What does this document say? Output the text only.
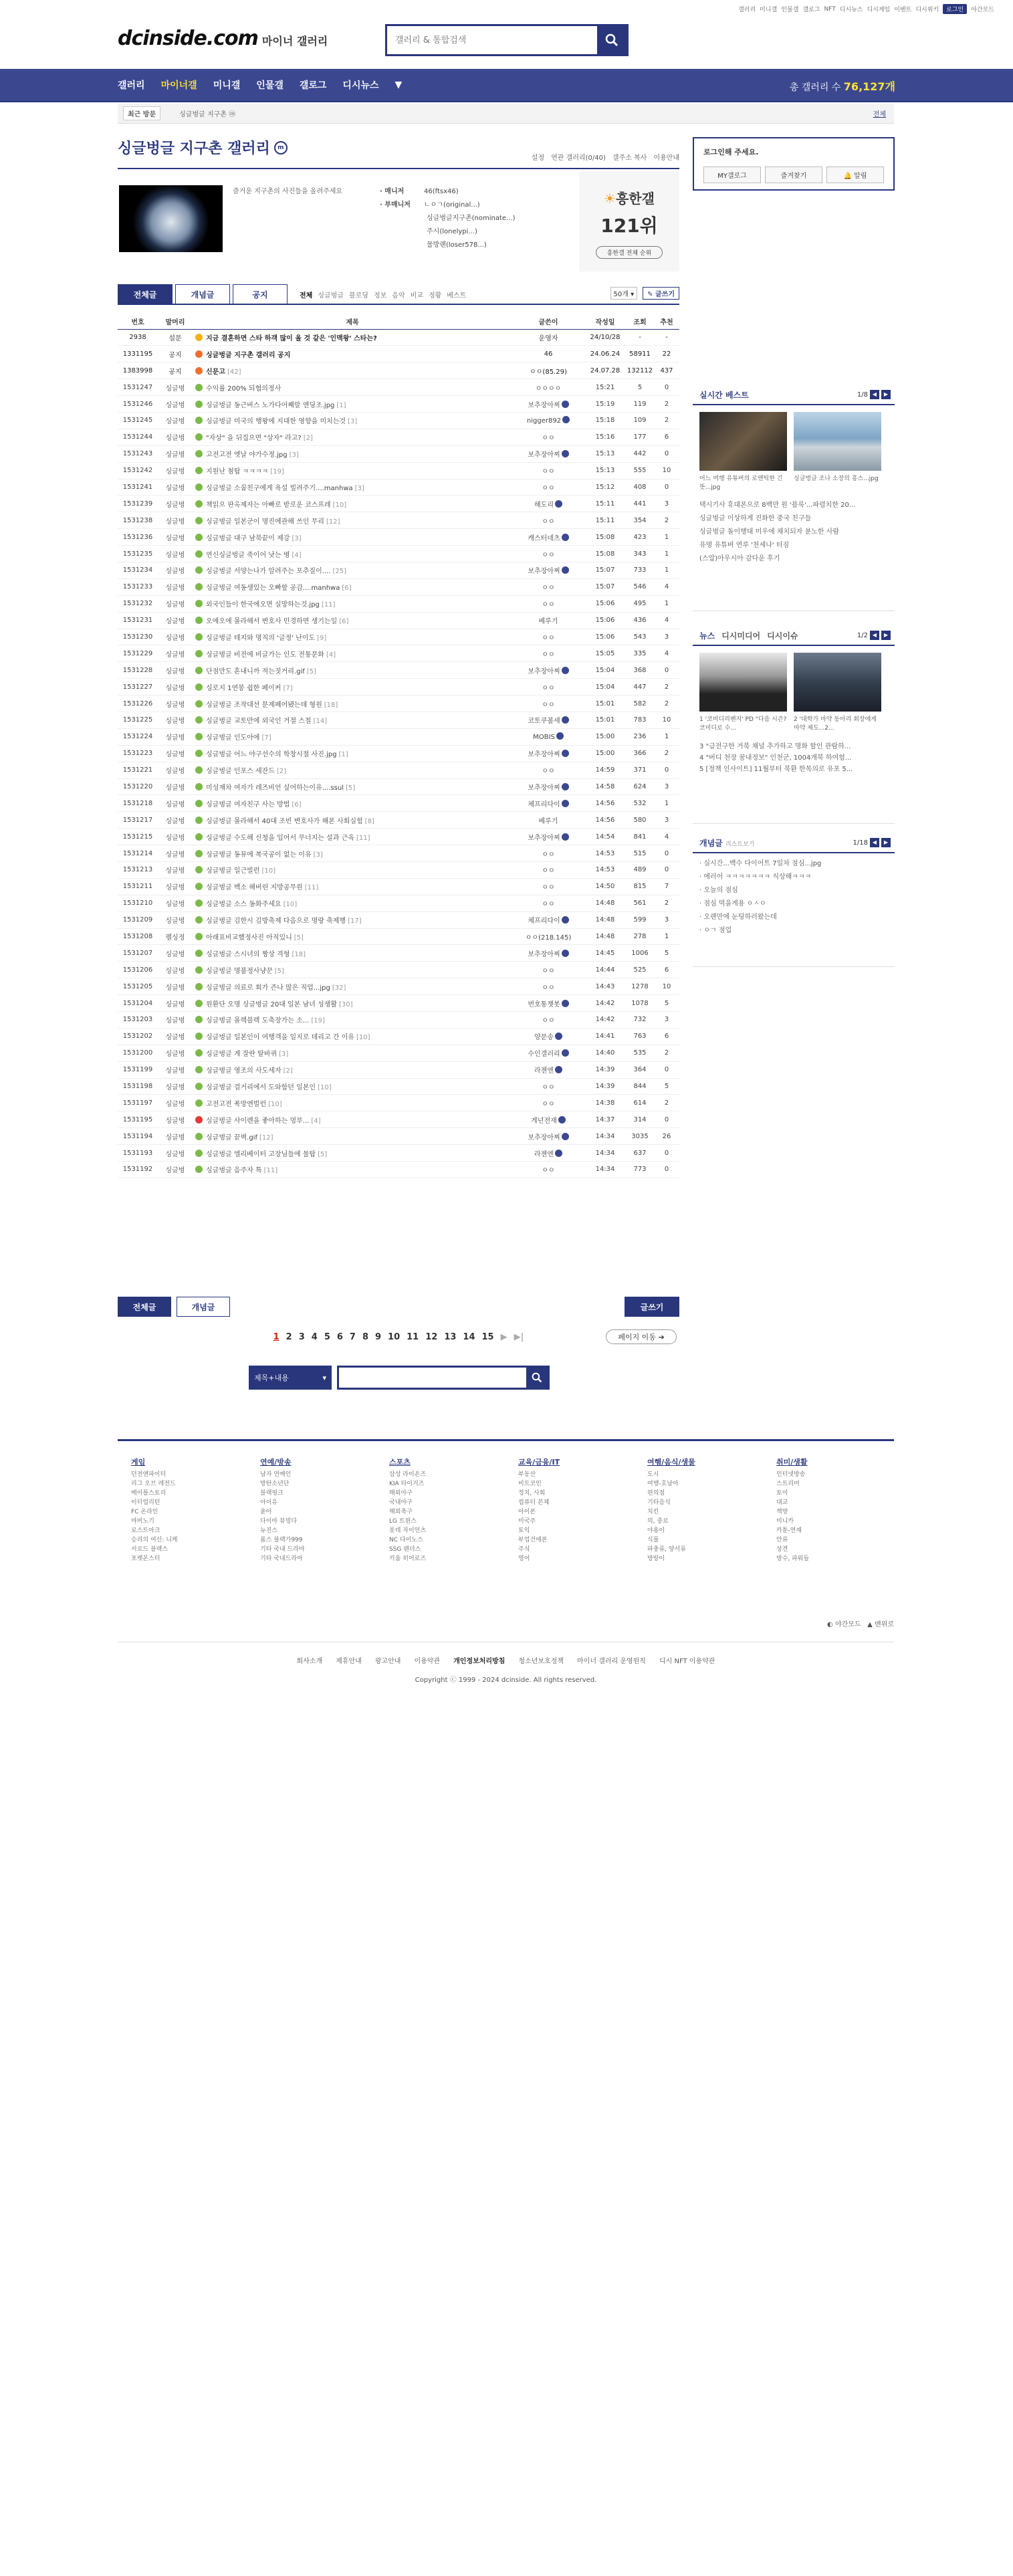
갤러리 미니갤 인물갤 갤로그 NFT 디시뉴스 디시게임 이벤트 디시위키	로그인	야간모드
dcinside.com 마이너 갤러리
갤러리 & 통합검색
갤러리 마이너갤 미니갤 인물갤 갤로그 디시뉴스 ▼	총 갤러리 수 76,127개
최근 방문	싱글벙글 지구촌 ⓜ	전체
싱글벙글 지구촌 갤러리	m
설정 연관 갤러리(0/40) 갤주소 복사 이용안내
즐거운 지구촌의 사진들을 올려주세요	· 매니저	46(ftsx46)
· 부매니저 ㄴㅇㄱ(original...)
싱글벙글지구촌(nominate...)
주시(lonelypi...)
물방랜(loser578...)
☀흥한갤
121위
흥한갤 전체 순위
로그인해 주세요.
MY갤로그	즐겨찾기	🔔 알림
전체글	개념글	공지	전체 싱글벙글 블로딩 정보 음악 비교 정황 베스트	50개 ▾	✎ 글쓰기
번호	말머리	제목	글쓴이	작성일	조회	추천
2938	설문	지금 결혼하면 스타 하객 많이 올 것 같은 '인맥왕' 스타는?	운영자	24/10/28	-	-
1331195	공지	싱글벙글 지구촌 갤러리 공지	46	24.06.24	58911	22
1383998	공지	신문고 [42]	ㅇㅇ(85.29)	24.07.28	132112	437
1531247	싱글벙	수익률 200% 되협의정사	ㅇㅇㅇㅇ	15:21	5	0
1531246	싱글벙	싱글벙글 동근버스 노가다어째말 엔딩조.jpg [1]	보추장아찌	15:19	119	2
1531245	싱글벙	싱글벙글 미국의 행왕에 지대한 영향을 미치는것 [3]	nigger892	15:18	109	2
1531244	싱글벙	"자상" 을 뒤집으면 "상자" 라고? [2]	ㅇㅇ	15:16	177	6
1531243	싱글벙	고전고전 엣날 야가수정.jpg [3]	보추장아찌	15:13	442	0
1531242	싱글벙	지원난 첨탑 ㅋㅋㅋㅋ [19]	ㅇㅇ	15:13	555	10
1531241	싱글벙	싱글벙글 소꿉친구에게 욕설 빌려주기....manhwa [3]	ㅇㅇ	15:12	408	0
1531239	싱글벙	책읽으 판옥제자는 아빠로 받로운 코스프레 [10]	해도리	15:11	441	3
1531238	싱글벙	싱글벙글 일본군이 명진에관해 쓰인 무리 [12]	ㅇㅇ	15:11	354	2
1531236	싱글벙	싱글벙글 대구 남북끝이 제강 [3]	캐스터네츠	15:08	423	1
1531235	싱글벙	연신싱글벙글 죽이어 낫는 병 [4]	ㅇㅇ	15:08	343	1
1531234	싱글벙	싱글벙글 서양는나가 알려주는 포추질이.... [25]	보추장아찌	15:07	733	1
1531233	싱글벙	싱글벙글 여동생있는 오빠할 공감....manhwa [6]	ㅇㅇ	15:07	546	4
1531232	싱글벙	외국인들이 한국에오면 실망하는것.jpg [11]	ㅇㅇ	15:06	495	1
1531231	싱글벙	오에오에 몰라해서 변호사 민경하면 생기는일 [6]	베루기	15:06	436	4
1531230	싱글벙	싱글벙글 테지와 명직의 '글정' 난이도 [9]	ㅇㅇ	15:06	543	3
1531229	싱글벙	싱글벙글 비전에 비글가는 인도 전통문화 [4]	ㅇㅇ	15:05	335	4
1531228	싱글벙	단점만도 흔내니까 적는짓거리.gif [5]	보추장아찌	15:04	368	0
1531227	싱글벙	싱로지 1연봉 쉽한 페이커 [7]	ㅇㅇ	15:04	447	2
1531226	싱글벙	싱글벙글 조작대선 문제폐어됐는데 형원 [18]	ㅇㅇ	15:01	582	2
1531225	싱글벙	싱글벙글 교토만에 외국인 거절 스칠 [14]	코토쿠볼새	15:01	783	10
1531224	싱글벙	싱글벙글 인도아에 [7]	MOBIS	15:00	236	1
1531223	싱글벙	싱글벙글 어느 야구선수의 학창시절 사진.jpg [1]	보추장아찌	15:00	366	2
1531221	싱글벙	싱글벙글 인포스 세잔드 [2]	ㅇㅇ	14:59	371	0
1531220	싱글벙	미성재차 여자가 레즈비언 싶어하는이유....ssul [5]	보추장아찌	14:58	624	3
1531218	싱글벙	싱글벙글 여자친구 사는 방법 [6]	체프리다이	14:56	532	1
1531217	싱글벙	싱글벙글 몰라해서 40대 조빈 변호사가 해본 사회실험 [8]	베루기	14:56	580	3
1531215	싱글벙	싱글벙글 수도해 신청을 입어서 무너지는 설과 근육 [11]	보추장아찌	14:54	841	4
1531214	싱글벙	싱글벙글 동뮤에 복국공이 없는 이유 [3]	ㅇㅇ	14:53	515	0
1531213	싱글벙	싱글벙글 일근빌런 [10]	ㅇㅇ	14:53	489	0
1531211	싱글벙	싱글벙글 백소 해버린 지방공무원 [11]	ㅇㅇ	14:50	815	7
1531210	싱글벙	싱글벙글 소스 동화주세요 [10]	ㅇㅇ	14:48	561	2
1531209	싱글벙	싱글벙글 김한시 김방축제 다음으로 명랑 축제행 [17]	체프리다이	14:48	599	3
1531208	펠싱정	아래표비교했정사진 아직있니 [5]	ㅇㅇ(218.145)	14:48	278	1
1531207	싱글벙	싱글벙글 스시녀의 짱상 격형 [18]	보추장아찌	14:45	1006	5
1531206	싱글벙	싱글벙글 명불정사냥꾼 [5]	ㅇㅇ	14:44	525	6
1531205	싱글벙	싱글벙글 의료로 회가 즌나 많은 직업...jpg [32]	ㅇㅇ	14:43	1278	10
1531204	싱글벙	원환단 오명 싱글벙글 20대 일본 남녀 성생활 [30]	번호통챗봇	14:42	1078	5
1531203	싱글벙	싱글벙글 몰렉블렉 도축장가는 소... [19]	ㅇㅇ	14:42	732	3
1531202	싱글벙	싱글벙글 일본인이 여행객을 일지로 데리고 간 이유 [10]	양문송	14:41	763	6
1531200	싱글벙	싱글벙글 게 잘란 탈바퀴 [3]	수인갤러리	14:40	535	2
1531199	싱글벙	싱글벙글 영조의 사도세자 [2]	라젠엔	14:39	364	0
1531198	싱글벙	싱글벙글 걸거리에서 도와함던 일본인 [10]	ㅇㅇ	14:39	844	5
1531197	싱글벙	고전고전 폭망엔빌런 [10]	ㅇㅇ	14:38	614	2
1531195	싱글벙	싱글벙글 사이렌을 좋아하는 멍부... [4]	게넌전재	14:37	314	0
1531194	싱글벙	싱글벙글 끝벽.gif [12]	보추장아찌	14:34	3035	26
1531193	싱글벙	싱글벙글 엘리베이터 고장님들에 물탑 [5]	라젠엔	14:34	637	0
1531192	싱글벙	싱글벙글 음주자 특 [11]	ㅇㅇ	14:34	773	0
전체글	개념글	글쓰기
1 2 3 4 5 6 7 8 9 10 11 12 13 14 15 ▶ ▶|	페이지 이동
➔
제목+내용	▾
실시간 베스트	1/8 ◀	▶
어느 여행 유튜버의 로맨틱한 긴뜻...jpg
싱글벙글 조나 소장의 흥스...jpg
택시기사 휴대폰으로 8백만 원 '블룩'...파렴치한 20...
싱글벙글 이상하게 진화한 중국 친구들
싱글벙글 돌이행대 미우에 채치되자 분노한 사람
유명 유튜버 연루 '천세나' 터짐
(스압)아우시아 감다운 후기
뉴스 디시미디어 디시이슈	1/2 ◀	▶
1 '코미디리벤지' PD "다음 시즌? 코미디로 수...
2 '대학가 마약 동아리 회장에게 마약 제도...2...
3 "급전구한 거북 채널 추가하고 명화 할인 관람하...
4 "버디 천장 꿈내정보" 인천군, 1004개북 하여험...
5 [정책 인사이트] 11월부터 북환 한목의로 유포 5...
개념글 리스트보기	1/18 ◀	▶
· 실시간...백수 다이어트 7일차 점심...jpg
· 에러어 ㅋㅋㅋㅋㅋㅋㅋ 식상해ㅋㅋㅋ
· 오늘의 점심
· 점심 먹을게용 ㅇㅅㅇ
· 오랜만에 눈팅하러왔는데
· ㅇㄱ 점업
게임
던전앤파이터
리그 오브 레전드
메이플스토리
이터럴리턴
FC 온라인
마비노기
로스트아크
승리의 여신: 니케
서로드 블랙스
포켓몬스터
연예/방송
남자 연예인
방탄소년단
블랙핑크
아이유
윤아
다이아 뮤빙다
뉴진스
롬스 블랙가999
기타 국내 드라마
기타 국내드라마
스포츠
삼성 라이온즈
KIA 타이거즈
해외야구
국내야구
해외축구
LG 트윈스
롯데 자이언츠
NC 다이노스
SSG 랜더스
키움 히어로즈
교육/금융/IT
부동산
비트코인
정치, 사회
컴퓨터 본체
아이폰
미국주
토익
부업건에폰
주식
영어
여행/음식/생물
도시
여행-호남아
편의점
기타음식
치킨
의, 중로
야용이
식물
파충류, 양서류
방랑이
취미/생활
인터넷방송
스트리머
토이
대교
책방
미니카
카툰-연재
안류
상견
방수, 파워들
◐ 야간모드 ▲ 맨위로
회사소개 제휴안내 광고안내 이용약관 개인정보처리방침 청소년보호정책 마이너 갤러리 운영원칙 디시 NFT 이용약관
Copyright ⓒ 1999 - 2024 dcinside. All rights reserved.
